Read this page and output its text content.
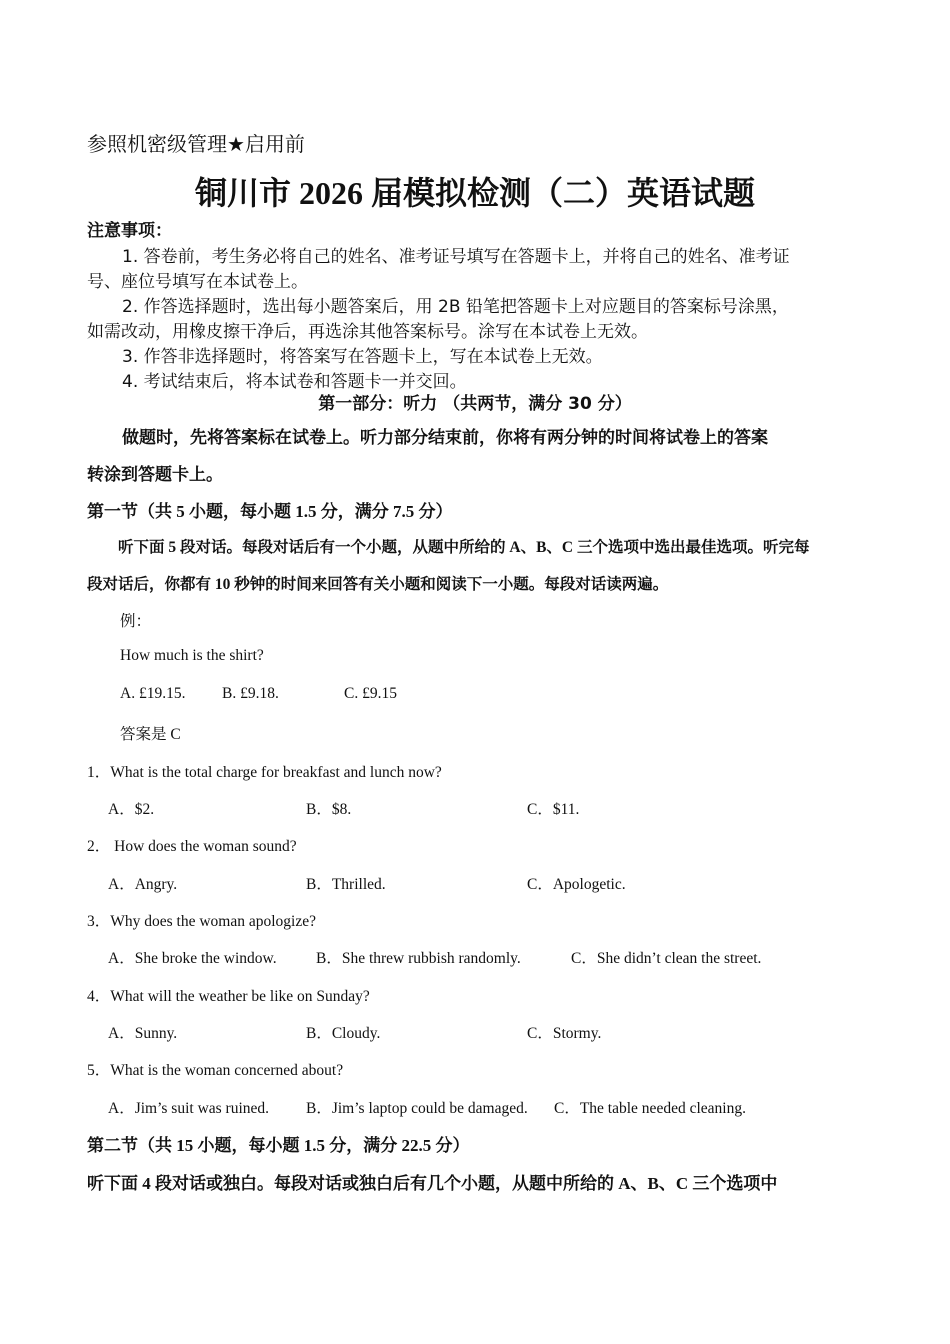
参照机密级管理★启用前
铜川市 2026 届模拟检测（二）英语试题
注意事项：
1. 答卷前，考生务必将自己的姓名、准考证号填写在答题卡上，并将自己的姓名、准考证
号、座位号填写在本试卷上。
2. 作答选择题时，选出每小题答案后，用 2B 铅笔把答题卡上对应题目的答案标号涂黑，
如需改动，用橡皮擦干净后，再选涂其他答案标号。涂写在本试卷上无效。
3. 作答非选择题时，将答案写在答题卡上，写在本试卷上无效。
4. 考试结束后，将本试卷和答题卡一并交回。
第一部分：听力 （共两节，满分 30 分）
做题时，先将答案标在试卷上。听力部分结束前，你将有两分钟的时间将试卷上的答案
转涂到答题卡上。
第一节（共 5 小题，每小题 1.5 分，满分 7.5 分）
听下面 5 段对话。每段对话后有一个小题，从题中所给的 A、B、C 三个选项中选出最佳选项。听完每
段对话后，你都有 10 秒钟的时间来回答有关小题和阅读下一小题。每段对话读两遍。
例：
How much is the shirt?
A. £19.15. B. £9.18.	C. £9.15
答案是 C
1．What is the total charge for breakfast and lunch now?
A．$2.	B．$8.	C．$11.
2． How does the woman sound?
A．Angry.	B．Thrilled.	C．Apologetic.
3．Why does the woman apologize?
A．She broke the window.	B．She threw rubbish randomly.	C．She didn’t clean the street.
4．What will the weather be like on Sunday?
A．Sunny.	B．Cloudy.	C．Stormy.
5．What is the woman concerned about?
A．Jim’s suit was ruined. B．Jim’s laptop could be damaged. C．The table needed cleaning.
第二节（共 15 小题，每小题 1.5 分，满分 22.5 分）
听下面 4 段对话或独白。每段对话或独白后有几个小题，从题中所给的 A、B、C 三个选项中
